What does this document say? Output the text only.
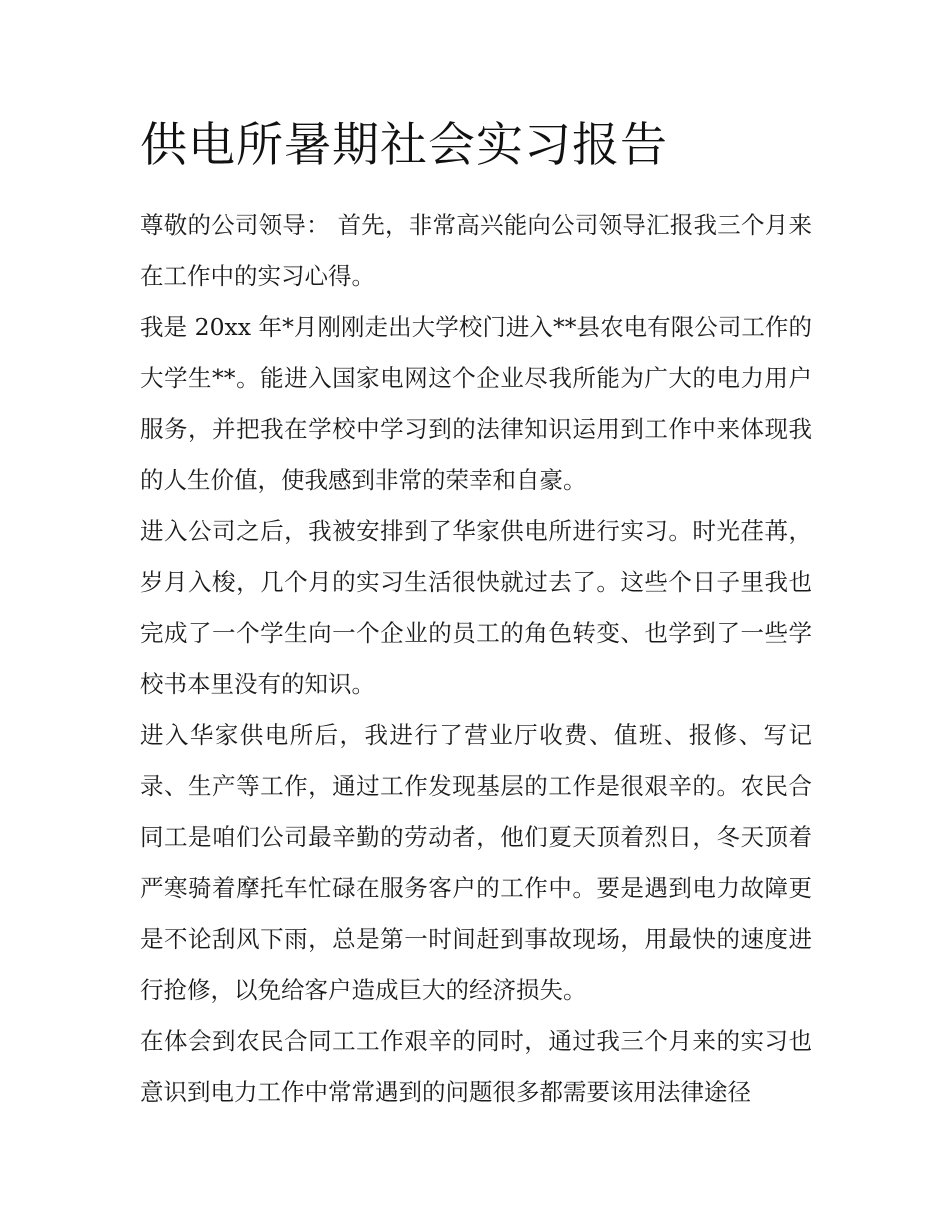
供电所暑期社会实习报告

尊敬的公司领导： 首先，非常高兴能向公司领导汇报我三个月来在工作中的实习心得。

我是 20xx 年*月刚刚走出大学校门进入**县农电有限公司工作的大学生**。能进入国家电网这个企业尽我所能为广大的电力用户服务，并把我在学校中学习到的法律知识运用到工作中来体现我的人生价值，使我感到非常的荣幸和自豪。

进入公司之后，我被安排到了华家供电所进行实习。时光荏苒，岁月入梭，几个月的实习生活很快就过去了。这些个日子里我也完成了一个学生向一个企业的员工的角色转变、也学到了一些学校书本里没有的知识。

进入华家供电所后，我进行了营业厅收费、值班、报修、写记录、生产等工作，通过工作发现基层的工作是很艰辛的。农民合同工是咱们公司最辛勤的劳动者，他们夏天顶着烈日，冬天顶着严寒骑着摩托车忙碌在服务客户的工作中。要是遇到电力故障更是不论刮风下雨，总是第一时间赶到事故现场，用最快的速度进行抢修，以免给客户造成巨大的经济损失。

在体会到农民合同工工作艰辛的同时，通过我三个月来的实习也意识到电力工作中常常遇到的问题很多都需要该用法律途径
